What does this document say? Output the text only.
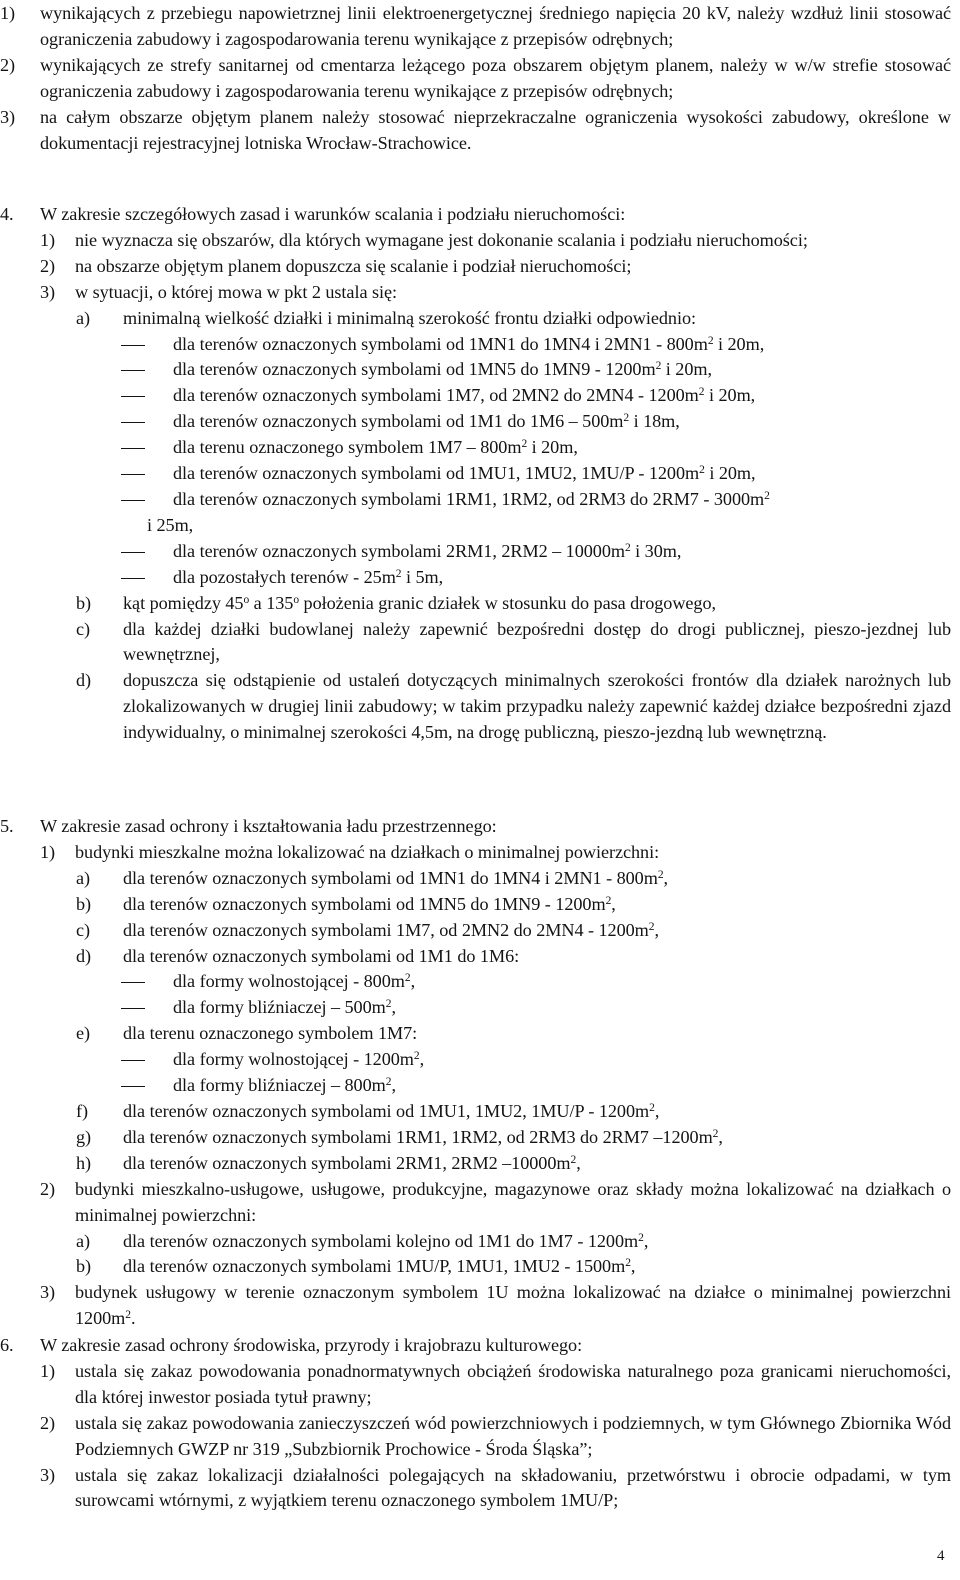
1) wynikających z przebiegu napowietrznej linii elektroenergetycznej średniego napięcia 20 kV, należy wzdłuż linii stosować ograniczenia zabudowy i zagospodarowania terenu wynikające z przepisów odrębnych;
2) wynikających ze strefy sanitarnej od cmentarza leżącego poza obszarem objętym planem, należy w w/w strefie stosować ograniczenia zabudowy i zagospodarowania terenu wynikające z przepisów odrębnych;
3) na całym obszarze objętym planem należy stosować nieprzekraczalne ograniczenia wysokości zabudowy, określone w dokumentacji rejestracyjnej lotniska Wrocław-Strachowice.
4. W zakresie szczegółowych zasad i warunków scalania i podziału nieruchomości:
1) nie wyznacza się obszarów, dla których wymagane jest dokonanie scalania i podziału nieruchomości;
2) na obszarze objętym planem dopuszcza się scalanie i podział nieruchomości;
3) w sytuacji, o której mowa w pkt 2 ustala się:
a) minimalną wielkość działki i minimalną szerokość frontu działki odpowiednio:
dla terenów oznaczonych symbolami od 1MN1 do 1MN4 i $2MN1 - 800m^2$ i 20m,
dla terenów oznaczonych symbolami od 1MN5 do $1MN9 - 1200m^2$ i 20m,
dla terenów oznaczonych symbolami 1M7, od 2MN2 do $2MN4 - 1200m^2$ i 20m,
dla terenów oznaczonych symbolami od 1M1 do $1M6 - 500m^2$ i 18m,
dla terenu oznaczonego symbolem $1M7 - 800m^2$ i 20m,
dla terenów oznaczonych symbolami od 1MU1, 1MU2, $1MU/P - 1200m^2$ i 20m,
dla terenów oznaczonych symbolami 1RM1, 1RM2, od 2RM3 do $2RM7 - 3000m^2$
i 25m,
dla terenów oznaczonych symbolami 2RM1, $2RM2 - 10000m^2$ i 30m,
dla pozostałych terenów - $25m^2$ i 5m,
b) kąt pomiędzy 45$^o$ a 135$^o$ położenia granic działek w stosunku do pasa drogowego,
c) dla każdej działki budowlanej należy zapewnić bezpośredni dostęp do drogi publicznej, pieszo-jezdnej lub wewnętrznej,
d) dopuszcza się odstąpienie od ustaleń dotyczących minimalnych szerokości frontów dla działek narożnych lub zlokalizowanych w drugiej linii zabudowy; w takim przypadku należy zapewnić każdej działce bezpośredni zjazd indywidualny, o minimalnej szerokości 4,5m, na drogę publiczną, pieszo-jezdną lub wewnętrzną.
5. W zakresie zasad ochrony i kształtowania ładu przestrzennego:
1) budynki mieszkalne można lokalizować na działkach o minimalnej powierzchni:
a) dla terenów oznaczonych symbolami od 1MN1 do 1MN4 i $2MN1 - 800m^2$,
b) dla terenów oznaczonych symbolami od 1MN5 do $1MN9 - 1200m^2$,
c) dla terenów oznaczonych symbolami 1M7, od 2MN2 do $2MN4 - 1200m^2$,
d) dla terenów oznaczonych symbolami od 1M1 do 1M6:
dla formy wolnostojącej - $800m^2$,
dla formy bliźniaczej – $500m^2$,
e) dla terenu oznaczonego symbolem 1M7:
dla formy wolnostojącej - $1200m^2$,
dla formy bliźniaczej – $800m^2$,
f) dla terenów oznaczonych symbolami od 1MU1, 1MU2, $1MU/P - 1200m^2$,
g) dla terenów oznaczonych symbolami 1RM1, 1RM2, od 2RM3 do 2RM7 $-1200m^2$,
h) dla terenów oznaczonych symbolami 2RM1, 2RM2 $-10000m^2$,
2) budynki mieszkalno-usługowe, usługowe, produkcyjne, magazynowe oraz składy można lokalizować na działkach o minimalnej powierzchni:
a) dla terenów oznaczonych symbolami kolejno od 1M1 do $1M7 - 1200m^2$,
b) dla terenów oznaczonych symbolami 1MU/P, 1MU1, $1MU2 - 1500m^2$,
3) budynek usługowy w terenie oznaczonym symbolem 1U można lokalizować na działce o minimalnej powierzchni $1200m^2$.
6. W zakresie zasad ochrony środowiska, przyrody i krajobrazu kulturowego:
1) ustala się zakaz powodowania ponadnormatywnych obciążeń środowiska naturalnego poza granicami nieruchomości, dla której inwestor posiada tytuł prawny;
2) ustala się zakaz powodowania zanieczyszczeń wód powierzchniowych i podziemnych, w tym Głównego Zbiornika Wód Podziemnych GWZP nr 319 „Subzbiornik Prochowice - Środa Śląska”;
3) ustala się zakaz lokalizacji działalności polegających na składowaniu, przetwórstwu i obrocie odpadami, w tym surowcami wtórnymi, z wyjątkiem terenu oznaczonego symbolem 1MU/P;
4
